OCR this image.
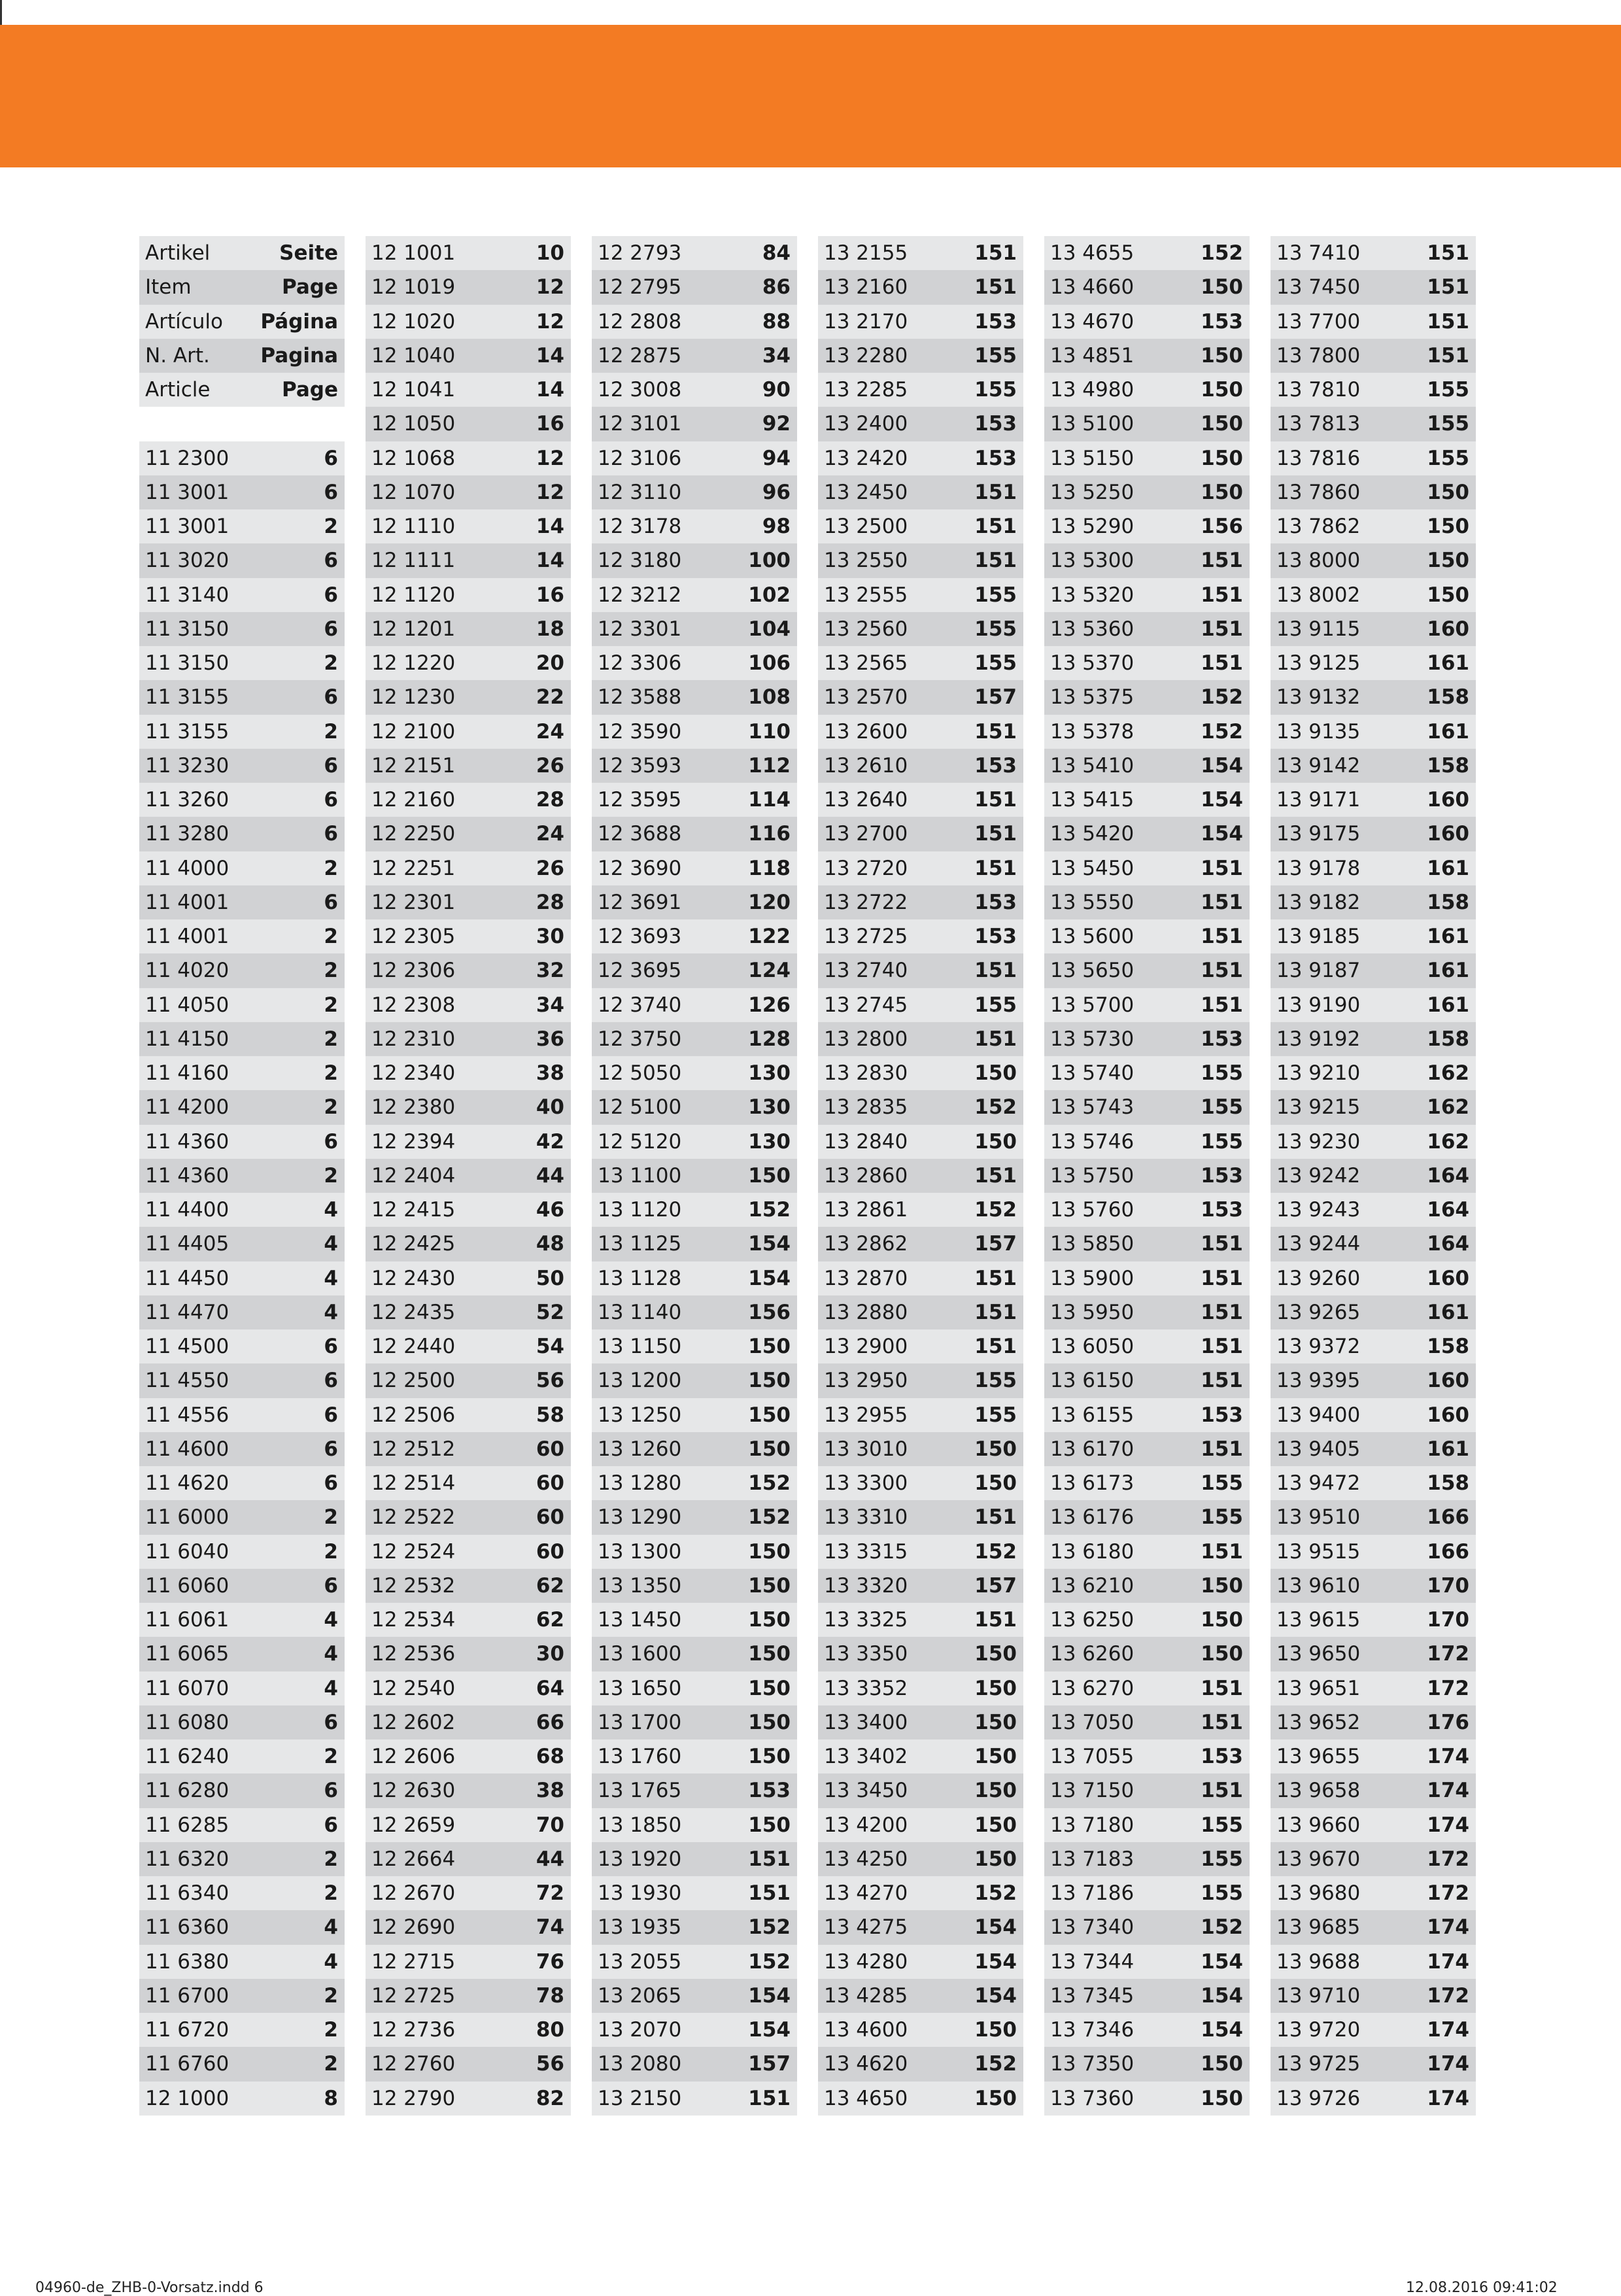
Artikel	Seite
Item	Page
Artículo Página
N. Art.	Pagina
Article	Page
11 2300	6
11 3001	6
11 3001	2
11 3020	6
11 3140	6
11 3150	6
11 3150	2
11 3155	6
11 3155	2
11 3230	6
11 3260	6
11 3280	6
11 4000	2
11 4001	6
11 4001	2
11 4020	2
11 4050	2
11 4150	2
11 4160	2
11 4200	2
11 4360	6
11 4360	2
11 4400	4
11 4405	4
11 4450	4
11 4470	4
11 4500	6
11 4550	6
11 4556	6
11 4600	6
11 4620	6
11 6000	2
11 6040	2
11 6060	6
11 6061	4
11 6065	4
11 6070	4
11 6080	6
11 6240	2
11 6280	6
11 6285	6
11 6320	2
11 6340	2
11 6360	4
11 6380	4
11 6700	2
11 6720	2
11 6760	2
12 1000	8
12 1001	10
12 1019	12
12 1020	12
12 1040	14
12 1041	14
12 1050	16
12 1068	12
12 1070	12
12 1110	14
12 1111	14
12 1120	16
12 1201	18
12 1220	20
12 1230	22
12 2100	24
12 2151	26
12 2160	28
12 2250	24
12 2251	26
12 2301	28
12 2305	30
12 2306	32
12 2308	34
12 2310	36
12 2340	38
12 2380	40
12 2394	42
12 2404	44
12 2415	46
12 2425	48
12 2430	50
12 2435	52
12 2440	54
12 2500	56
12 2506	58
12 2512	60
12 2514	60
12 2522	60
12 2524	60
12 2532	62
12 2534	62
12 2536	30
12 2540	64
12 2602	66
12 2606	68
12 2630	38
12 2659	70
12 2664	44
12 2670	72
12 2690	74
12 2715	76
12 2725	78
12 2736	80
12 2760	56
12 2790	82
12 2793	84
12 2795	86
12 2808	88
12 2875	34
12 3008	90
12 3101	92
12 3106	94
12 3110	96
12 3178	98
12 3180	100
12 3212	102
12 3301	104
12 3306	106
12 3588	108
12 3590	110
12 3593	112
12 3595	114
12 3688	116
12 3690	118
12 3691	120
12 3693	122
12 3695	124
12 3740	126
12 3750	128
12 5050	130
12 5100	130
12 5120	130
13 1100	150
13 1120	152
13 1125	154
13 1128	154
13 1140	156
13 1150	150
13 1200	150
13 1250	150
13 1260	150
13 1280	152
13 1290	152
13 1300	150
13 1350	150
13 1450	150
13 1600	150
13 1650	150
13 1700	150
13 1760	150
13 1765	153
13 1850	150
13 1920	151
13 1930	151
13 1935	152
13 2055	152
13 2065	154
13 2070	154
13 2080	157
13 2150	151
13 2155	151
13 2160	151
13 2170	153
13 2280	155
13 2285	155
13 2400	153
13 2420	153
13 2450	151
13 2500	151
13 2550	151
13 2555	155
13 2560	155
13 2565	155
13 2570	157
13 2600	151
13 2610	153
13 2640	151
13 2700	151
13 2720	151
13 2722	153
13 2725	153
13 2740	151
13 2745	155
13 2800	151
13 2830	150
13 2835	152
13 2840	150
13 2860	151
13 2861	152
13 2862	157
13 2870	151
13 2880	151
13 2900	151
13 2950	155
13 2955	155
13 3010	150
13 3300	150
13 3310	151
13 3315	152
13 3320	157
13 3325	151
13 3350	150
13 3352	150
13 3400	150
13 3402	150
13 3450	150
13 4200	150
13 4250	150
13 4270	152
13 4275	154
13 4280	154
13 4285	154
13 4600	150
13 4620	152
13 4650	150
13 4655	152
13 4660	150
13 4670	153
13 4851	150
13 4980	150
13 5100	150
13 5150	150
13 5250	150
13 5290	156
13 5300	151
13 5320	151
13 5360	151
13 5370	151
13 5375	152
13 5378	152
13 5410	154
13 5415	154
13 5420	154
13 5450	151
13 5550	151
13 5600	151
13 5650	151
13 5700	151
13 5730	153
13 5740	155
13 5743	155
13 5746	155
13 5750	153
13 5760	153
13 5850	151
13 5900	151
13 5950	151
13 6050	151
13 6150	151
13 6155	153
13 6170	151
13 6173	155
13 6176	155
13 6180	151
13 6210	150
13 6250	150
13 6260	150
13 6270	151
13 7050	151
13 7055	153
13 7150	151
13 7180	155
13 7183	155
13 7186	155
13 7340	152
13 7344	154
13 7345	154
13 7346	154
13 7350	150
13 7360	150
13 7410	151
13 7450	151
13 7700	151
13 7800	151
13 7810	155
13 7813	155
13 7816	155
13 7860	150
13 7862	150
13 8000	150
13 8002	150
13 9115	160
13 9125	161
13 9132	158
13 9135	161
13 9142	158
13 9171	160
13 9175	160
13 9178	161
13 9182	158
13 9185	161
13 9187	161
13 9190	161
13 9192	158
13 9210	162
13 9215	162
13 9230	162
13 9242	164
13 9243	164
13 9244	164
13 9260	160
13 9265	161
13 9372	158
13 9395	160
13 9400	160
13 9405	161
13 9472	158
13 9510	166
13 9515	166
13 9610	170
13 9615	170
13 9650	172
13 9651	172
13 9652	176
13 9655	174
13 9658	174
13 9660	174
13 9670	172
13 9680	172
13 9685	174
13 9688	174
13 9710	172
13 9720	174
13 9725	174
13 9726	174
04960-de_ZHB-0-Vorsatz.indd 6	12.08.2016 09:41:02
